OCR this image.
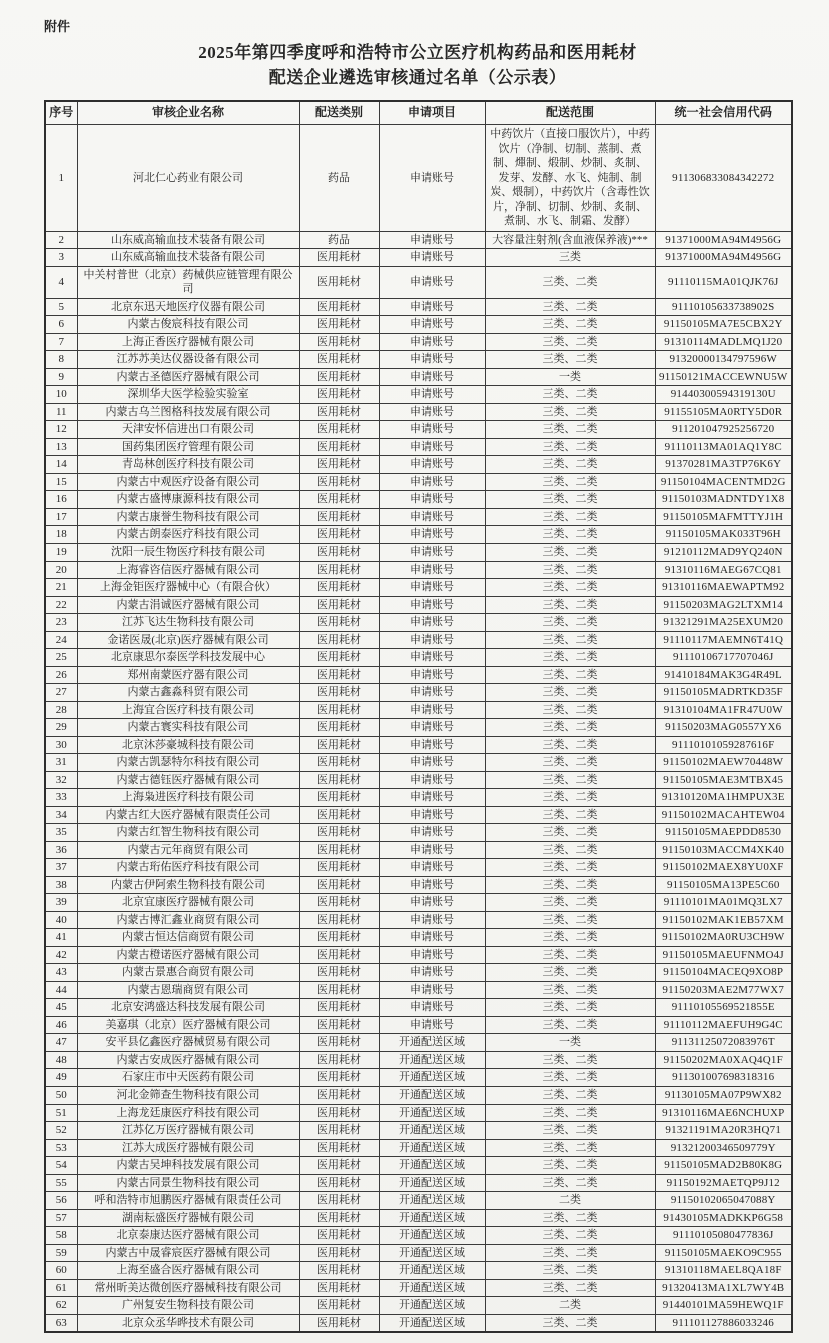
附件
2025年第四季度呼和浩特市公立医疗机构药品和医用耗材
配送企业遴选审核通过名单（公示表）
序号	审核企业名称	配送类别	申请项目	配送范围	统一社会信用代码
1	河北仁心药业有限公司	药品	申请账号	中药饮片（直接口服饮片），中药饮片（净制、切制、蒸制、煮制、燀制、煅制、炒制、炙制、发芽、发酵、水飞、炖制、制炭、煨制），中药饮片（含毒性饮片，净制、切制、炒制、炙制、煮制、水飞、制霜、发酵）	911306833084342272
2	山东威高输血技术装备有限公司	药品	申请账号	大容量注射剂(含血液保养液)***	91371000MA94M4956G
3	山东威高输血技术装备有限公司	医用耗材	申请账号	三类	91371000MA94M4956G
4	中关村普世（北京）药械供应链管理有限公司	医用耗材	申请账号	三类、二类	91110115MA01QJK76J
5	北京东迅天地医疗仪器有限公司	医用耗材	申请账号	三类、二类	91110105633738902S
6	内蒙古俊宸科技有限公司	医用耗材	申请账号	三类、二类	91150105MA7E5CBX2Y
7	上海正香医疗器械有限公司	医用耗材	申请账号	三类、二类	91310114MADLMQ1J20
8	江苏苏美达仪器设备有限公司	医用耗材	申请账号	三类、二类	91320000134797596W
9	内蒙古圣德医疗器械有限公司	医用耗材	申请账号	一类	91150121MACCEWNU5W
10	深圳华大医学检验实验室	医用耗材	申请账号	三类、二类	91440300594319130U
11	内蒙古乌兰图格科技发展有限公司	医用耗材	申请账号	三类、二类	91155105MA0RTY5D0R
12	天津安怀信进出口有限公司	医用耗材	申请账号	三类、二类	911201047925256720
13	国药集团医疗管理有限公司	医用耗材	申请账号	三类、二类	91110113MA01AQ1Y8C
14	青岛林创医疗科技有限公司	医用耗材	申请账号	三类、二类	91370281MA3TP76K6Y
15	内蒙古中观医疗设备有限公司	医用耗材	申请账号	三类、二类	91150104MACENTMD2G
16	内蒙古盛博康源科技有限公司	医用耗材	申请账号	三类、二类	91150103MADNTDY1X8
17	内蒙古康誉生物科技有限公司	医用耗材	申请账号	三类、二类	91150105MAFMTTYJ1H
18	内蒙古朗泰医疗科技有限公司	医用耗材	申请账号	三类、二类	91150105MAK033T96H
19	沈阳一辰生物医疗科技有限公司	医用耗材	申请账号	三类、二类	91210112MAD9YQ240N
20	上海睿咨信医疗器械有限公司	医用耗材	申请账号	三类、二类	91310116MAEG67CQ81
21	上海金钜医疗器械中心（有限合伙）	医用耗材	申请账号	三类、二类	91310116MAEWAPTM92
22	内蒙古涓诚医疗器械有限公司	医用耗材	申请账号	三类、二类	91150203MAG2LTXM14
23	江苏飞达生物科技有限公司	医用耗材	申请账号	三类、二类	91321291MA25EXUM20
24	金诺医晟(北京)医疗器械有限公司	医用耗材	申请账号	三类、二类	91110117MAEMN6T41Q
25	北京康思尔泰医学科技发展中心	医用耗材	申请账号	三类、二类	91110106717707046J
26	郑州南蒙医疗器有限公司	医用耗材	申请账号	三类、二类	91410184MAK3G4R49L
27	内蒙古鑫淼科贸有限公司	医用耗材	申请账号	三类、二类	91150105MADRTKD35F
28	上海宜合医疗科技有限公司	医用耗材	申请账号	三类、二类	91310104MA1FR47U0W
29	内蒙古寰实科技有限公司	医用耗材	申请账号	三类、二类	91150203MAG0557YX6
30	北京沐莎豪城科技有限公司	医用耗材	申请账号	三类、二类	91110101059287616F
31	内蒙古凯瑟特尔科技有限公司	医用耗材	申请账号	三类、二类	91150102MAEW70448W
32	内蒙古德钰医疗器械有限公司	医用耗材	申请账号	三类、二类	91150105MAE3MTBX45
33	上海枭进医疗科技有限公司	医用耗材	申请账号	三类、二类	91310120MA1HMPUX3E
34	内蒙古红大医疗器械有限责任公司	医用耗材	申请账号	三类、二类	91150102MACAHTEW04
35	内蒙古红智生物科技有限公司	医用耗材	申请账号	三类、二类	91150105MAEPDD8530
36	内蒙古元年商贸有限公司	医用耗材	申请账号	三类、二类	91150103MACCM4XK40
37	内蒙古珩佑医疗科技有限公司	医用耗材	申请账号	三类、二类	91150102MAEX8YU0XF
38	内蒙古伊阿索生物科技有限公司	医用耗材	申请账号	三类、二类	91150105MA13PE5C60
39	北京宜康医疗器械有限公司	医用耗材	申请账号	三类、二类	91110101MA01MQ3LX7
40	内蒙古博汇鑫业商贸有限公司	医用耗材	申请账号	三类、二类	91150102MAK1EB57XM
41	内蒙古恒达信商贸有限公司	医用耗材	申请账号	三类、二类	91150102MA0RU3CH9W
42	内蒙古橙诺医疗器械有限公司	医用耗材	申请账号	三类、二类	91150105MAEUFNMO4J
43	内蒙古景惠合商贸有限公司	医用耗材	申请账号	三类、二类	91150104MACEQ9XO8P
44	内蒙古恩瑞商贸有限公司	医用耗材	申请账号	三类、二类	91150203MAE2M77WX7
45	北京安鸿盛达科技发展有限公司	医用耗材	申请账号	三类、二类	91110105569521855E
46	美嘉琪（北京）医疗器械有限公司	医用耗材	申请账号	三类、二类	91110112MAEFUH9G4C
47	安平县亿鑫医疗器械贸易有限公司	医用耗材	开通配送区域	一类	91131125072083976T
48	内蒙古安成医疗器械有限公司	医用耗材	开通配送区域	三类、二类	91150202MA0XAQ4Q1F
49	石家庄市中天医药有限公司	医用耗材	开通配送区域	三类、二类	911301007698318316
50	河北金筛查生物科技有限公司	医用耗材	开通配送区域	三类、二类	91130105MA07P9WX82
51	上海龙廷康医疗科技有限公司	医用耗材	开通配送区域	三类、二类	91310116MAE6NCHUXP
52	江苏亿万医疗器械有限公司	医用耗材	开通配送区域	三类、二类	91321191MA20R3HQ71
53	江苏大成医疗器械有限公司	医用耗材	开通配送区域	三类、二类	91321200346509779Y
54	内蒙古吴坤科技发展有限公司	医用耗材	开通配送区域	三类、二类	91150105MAD2B80K8G
55	内蒙古同景生物科技有限公司	医用耗材	开通配送区域	三类、二类	91150192MAETQP9J12
56	呼和浩特市旭鹏医疗器械有限责任公司	医用耗材	开通配送区域	二类	91150102065047088Y
57	湖南耘盛医疗器械有限公司	医用耗材	开通配送区域	三类、二类	91430105MADKKP6G58
58	北京泰康达医疗器械有限公司	医用耗材	开通配送区域	三类、二类	91110105080477836J
59	内蒙古中晟睿宸医疗器械有限公司	医用耗材	开通配送区域	三类、二类	91150105MAEKO9C955
60	上海至盛合医疗器械有限公司	医用耗材	开通配送区域	三类、二类	91310118MAEL8QA18F
61	常州昕美达微创医疗器械科技有限公司	医用耗材	开通配送区域	三类、二类	91320413MA1XL7WY4B
62	广州复安生物科技有限公司	医用耗材	开通配送区域	二类	91440101MA59HEWQ1F
63	北京众丞华晔技术有限公司	医用耗材	开通配送区域	三类、二类	911101127886033246
